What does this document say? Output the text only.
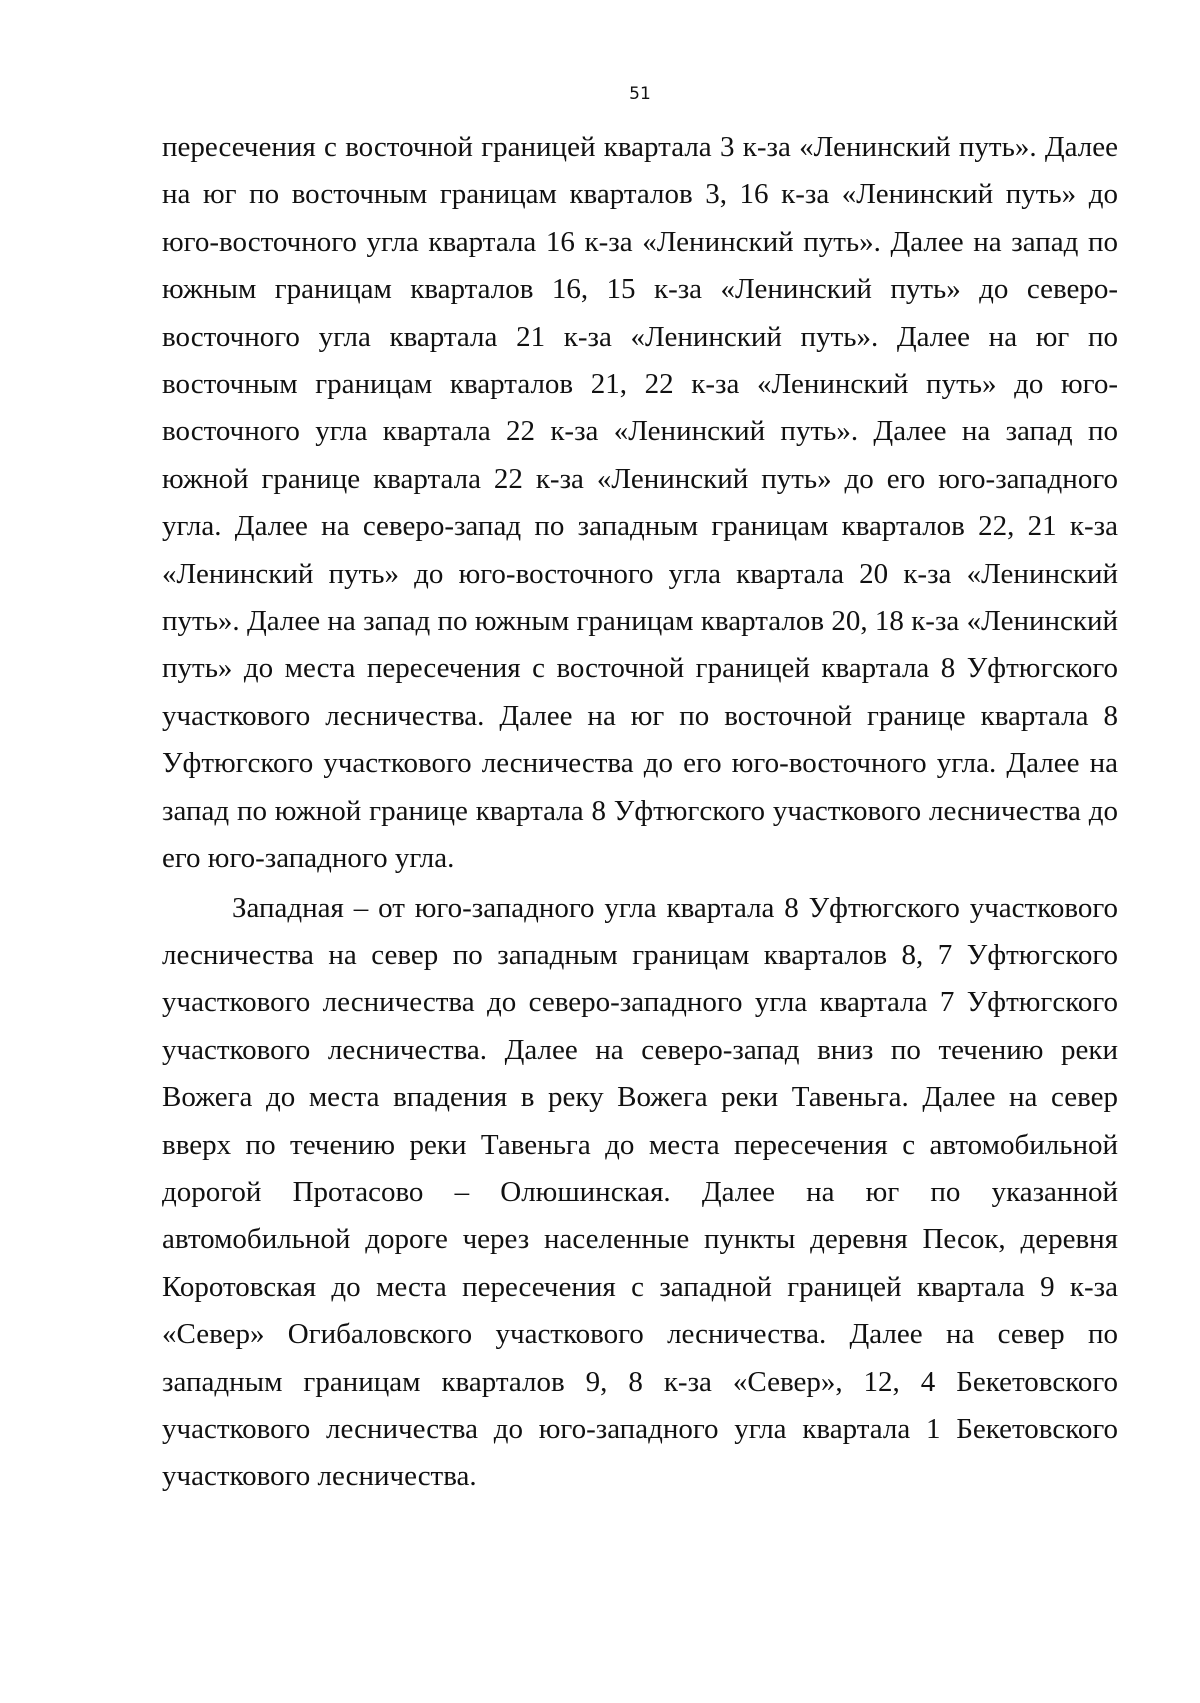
51

пересечения с восточной границей квартала 3 к-за «Ленинский путь». Далее на юг по восточным границам кварталов 3, 16 к-за «Ленинский путь» до юго-восточного угла квартала 16 к-за «Ленинский путь». Далее на запад по южным границам кварталов 16, 15 к-за «Ленинский путь» до северо-восточного угла квартала 21 к-за «Ленинский путь». Далее на юг по восточным границам кварталов 21, 22 к-за «Ленинский путь» до юго-восточного угла квартала 22 к-за «Ленинский путь». Далее на запад по южной границе квартала 22 к-за «Ленинский путь» до его юго-западного угла. Далее на северо-запад по западным границам кварталов 22, 21 к-за «Ленинский путь» до юго-восточного угла квартала 20 к-за «Ленинский путь». Далее на запад по южным границам кварталов 20, 18 к-за «Ленинский путь» до места пересечения с восточной границей квартала 8 Уфтюгского участкового лесничества. Далее на юг по восточной границе квартала 8 Уфтюгского участкового лесничества до его юго-восточного угла. Далее на запад по южной границе квартала 8 Уфтюгского участкового лесничества до его юго-западного угла.

Западная – от юго-западного угла квартала 8 Уфтюгского участкового лесничества на север по западным границам кварталов 8, 7 Уфтюгского участкового лесничества до северо-западного угла квартала 7 Уфтюгского участкового лесничества. Далее на северо-запад вниз по течению реки Вожега до места впадения в реку Вожега реки Тавеньга. Далее на север вверх по течению реки Тавеньга до места пересечения с автомобильной дорогой Протасово – Олюшинская. Далее на юг по указанной автомобильной дороге через населенные пункты деревня Песок, деревня Коротовская до места пересечения с западной границей квартала 9 к-за «Север» Огибаловского участкового лесничества. Далее на север по западным границам кварталов 9, 8 к-за «Север», 12, 4 Бекетовского участкового лесничества до юго-западного угла квартала 1 Бекетовского участкового лесничества.
